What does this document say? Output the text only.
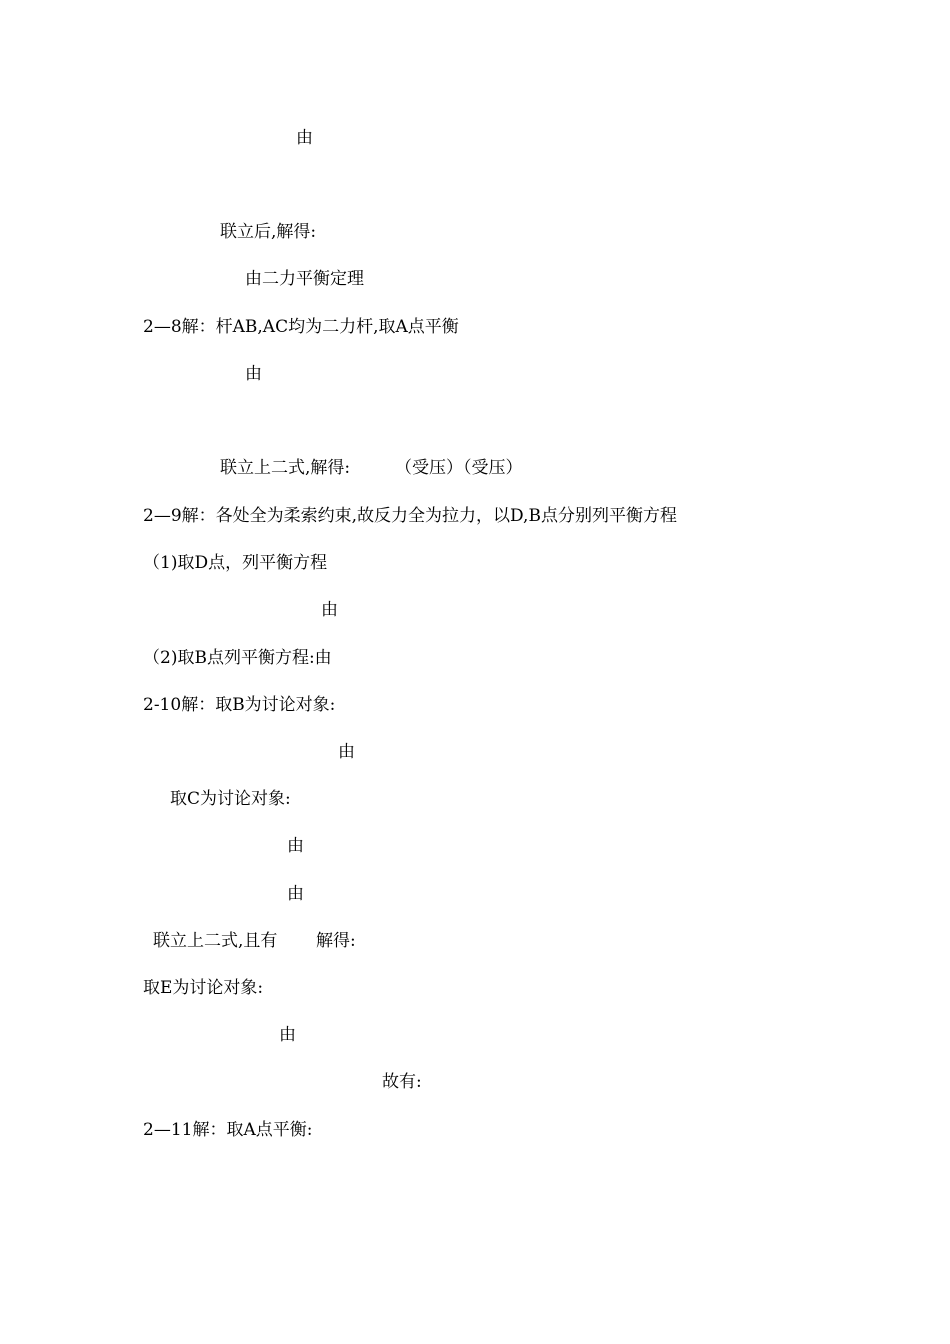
由
联立后,解得:
由二力平衡定理
2—8解：杆AB,AC均为二力杆,取A点平衡
由
联立上二式,解得:	（受压）（受压）
2—9解：各处全为柔索约束,故反力全为拉力，以D,B点分别列平衡方程
（1)取D点，列平衡方程
由
（2)取B点列平衡方程:由
2-10解：取B为讨论对象:
由
取C为讨论对象:
由
由
联立上二式,且有 解得:
取E为讨论对象:
由
故有:
2—11解：取A点平衡:
